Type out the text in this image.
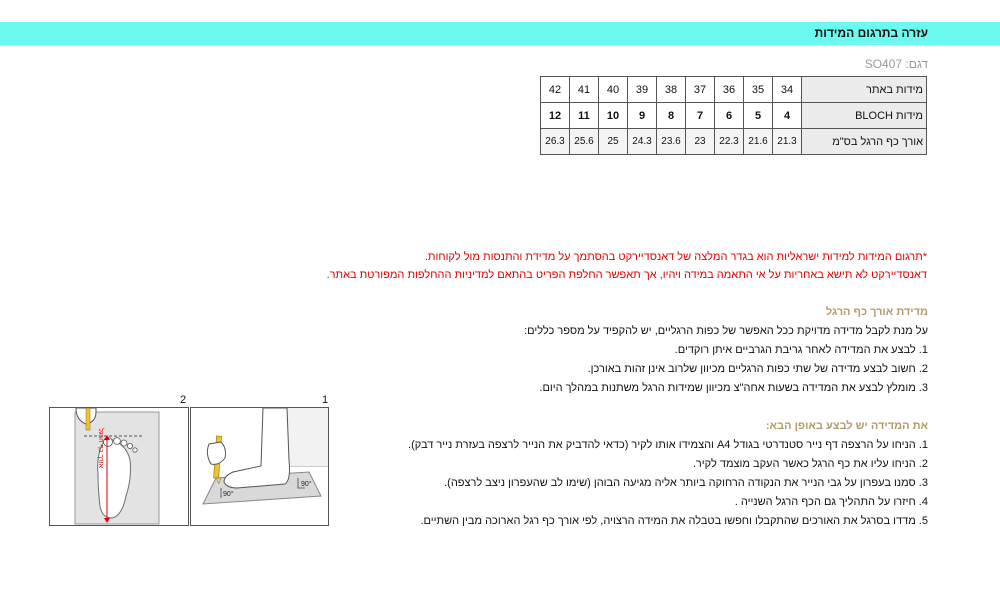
עזרה בתרגום המידות
דגם: SO407
מידות באתר	34	35	36	37	38	39	40	41	42
מידות BLOCH	4	5	6	7	8	9	10	11	12
אורך כף הרגל בס"מ	21.3	21.6	22.3	23	23.6	24.3	25	25.6	26.3
*תרגום המידות למידות ישראליות הוא בגדר המלצה של דאנסדיירקט בהסתמך על מדידת והתנסות מול לקוחות.
דאנסדיירקט לא תישא באחריות על אי התאמה במידה ויהיו, אך תאפשר החלפת הפריט בהתאם למדיניות ההחלפות המפורטת באתר.
מדידת אורך כף הרגל
על מנת לקבל מדידה מדויקת ככל האפשר של כפות הרגליים, יש להקפיד על מספר כללים:
1. לבצע את המדידה לאחר גריבת הגרביים איתן רוקדים.
2. חשוב לבצע מדידה של שתי כפות הרגליים מכיוון שלרוב אינן זהות באורכן.
3. מומלץ לבצע את המדידה בשעות אחה"צ מכיוון שמידות הרגל משתנות במהלך היום.
את המדידה יש לבצע באופן הבא:
1. הניחו על הרצפה דף נייר סטנדרטי בגודל A4 והצמידו אותו לקיר (כדאי להדביק את הנייר לרצפה בעזרת נייר דבק).
2. הניחו עליו את כף הרגל כאשר העקב מוצמד לקיר.
3. סמנו בעפרון על גבי הנייר את הנקודה הרחוקה ביותר אליה מגיעה הבוהן (שימו לב שהעפרון ניצב לרצפה).
4. חיזרו על התהליך גם הכף הרגל השנייה .
5. מדדו בסרגל את האורכים שהתקבלו וחפשו בטבלה את המידה הרצויה, לפי אורך כף רגל הארוכה מבין השתיים.
1
2
90°
90°
אורך כף הרגל
